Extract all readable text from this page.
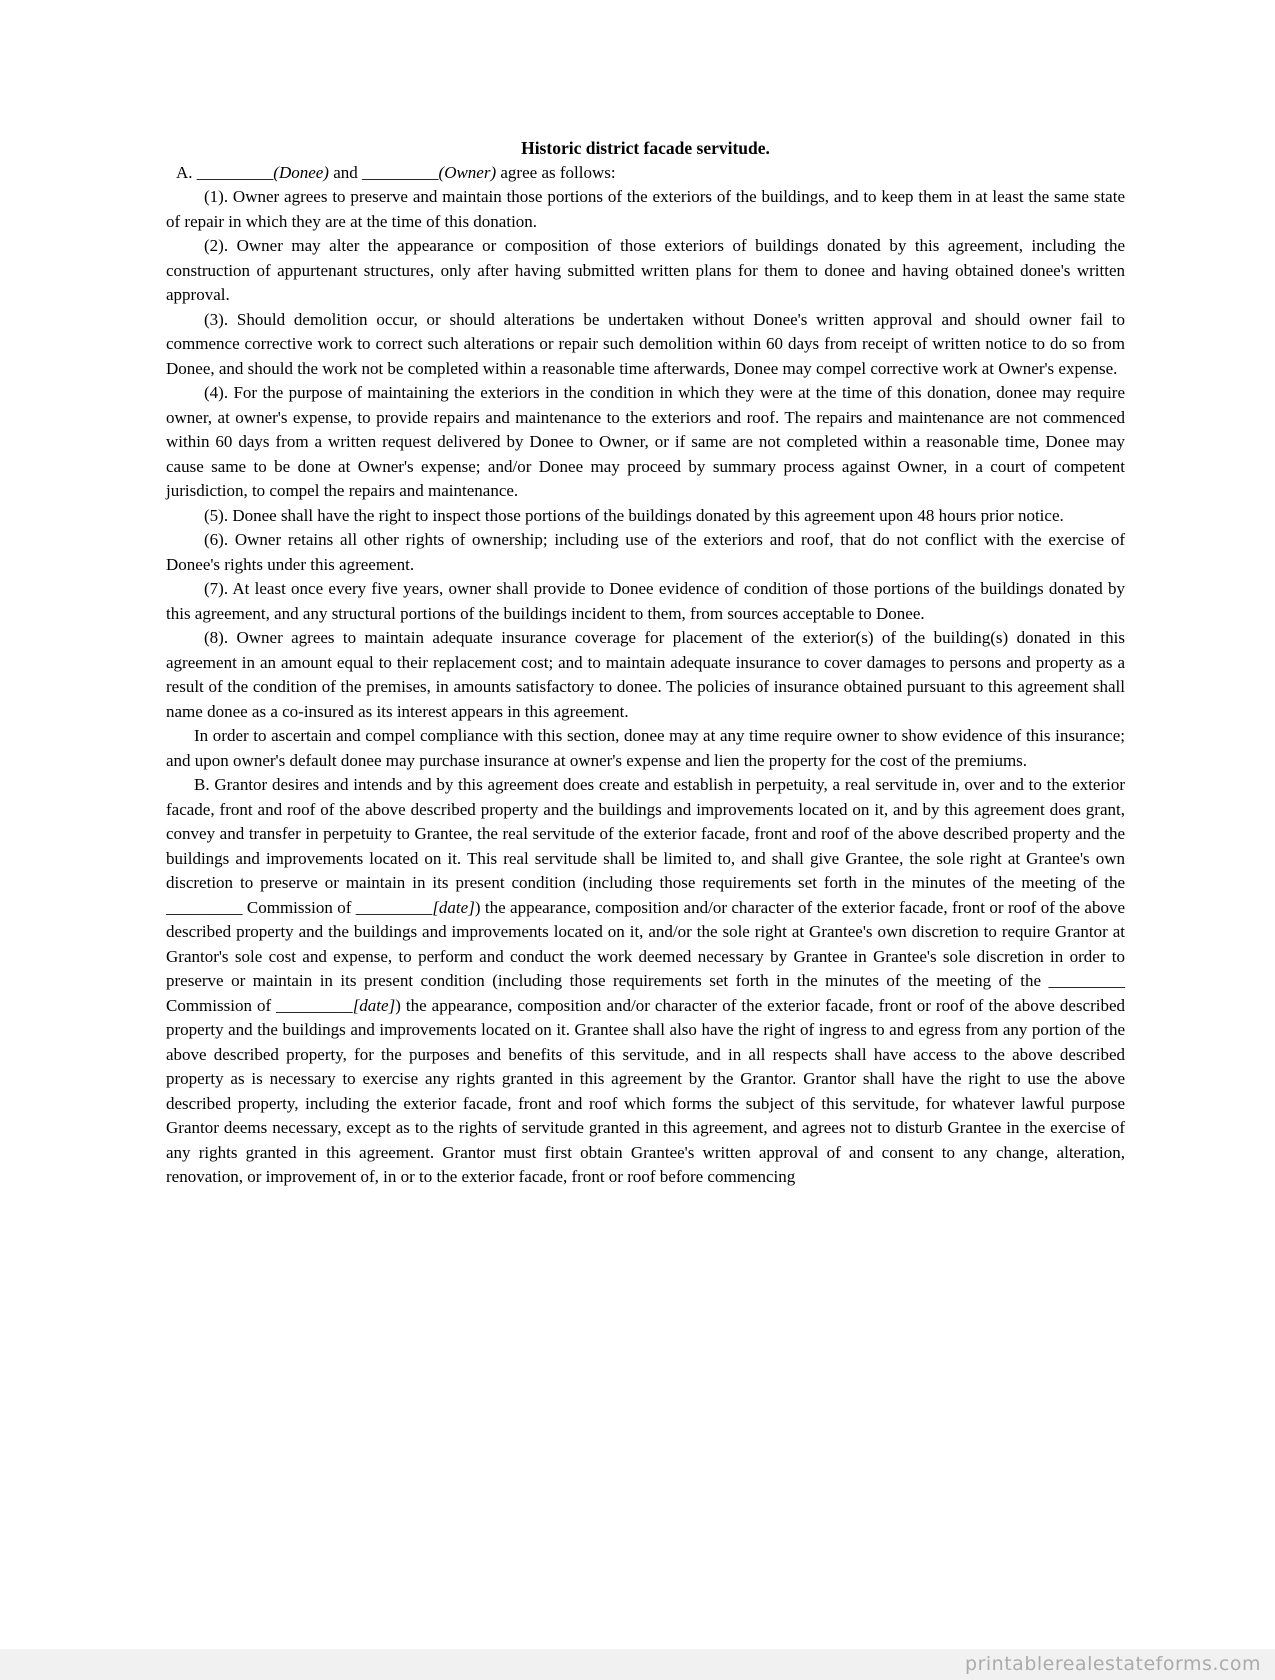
Historic district facade servitude.

A. _________(Donee) and _________(Owner) agree as follows:

(1). Owner agrees to preserve and maintain those portions of the exteriors of the buildings, and to keep them in at least the same state of repair in which they are at the time of this donation.

(2). Owner may alter the appearance or composition of those exteriors of buildings donated by this agreement, including the construction of appurtenant structures, only after having submitted written plans for them to donee and having obtained donee's written approval.

(3). Should demolition occur, or should alterations be undertaken without Donee's written approval and should owner fail to commence corrective work to correct such alterations or repair such demolition within 60 days from receipt of written notice to do so from Donee, and should the work not be completed within a reasonable time afterwards, Donee may compel corrective work at Owner's expense.

(4). For the purpose of maintaining the exteriors in the condition in which they were at the time of this donation, donee may require owner, at owner's expense, to provide repairs and maintenance to the exteriors and roof. The repairs and maintenance are not commenced within 60 days from a written request delivered by Donee to Owner, or if same are not completed within a reasonable time, Donee may cause same to be done at Owner's expense; and/or Donee may proceed by summary process against Owner, in a court of competent jurisdiction, to compel the repairs and maintenance.

(5). Donee shall have the right to inspect those portions of the buildings donated by this agreement upon 48 hours prior notice.

(6). Owner retains all other rights of ownership; including use of the exteriors and roof, that do not conflict with the exercise of Donee's rights under this agreement.

(7). At least once every five years, owner shall provide to Donee evidence of condition of those portions of the buildings donated by this agreement, and any structural portions of the buildings incident to them, from sources acceptable to Donee.

(8). Owner agrees to maintain adequate insurance coverage for placement of the exterior(s) of the building(s) donated in this agreement in an amount equal to their replacement cost; and to maintain adequate insurance to cover damages to persons and property as a result of the condition of the premises, in amounts satisfactory to donee. The policies of insurance obtained pursuant to this agreement shall name donee as a co-insured as its interest appears in this agreement.

In order to ascertain and compel compliance with this section, donee may at any time require owner to show evidence of this insurance; and upon owner's default donee may purchase insurance at owner's expense and lien the property for the cost of the premiums.

B. Grantor desires and intends and by this agreement does create and establish in perpetuity, a real servitude in, over and to the exterior facade, front and roof of the above described property and the buildings and improvements located on it, and by this agreement does grant, convey and transfer in perpetuity to Grantee, the real servitude of the exterior facade, front and roof of the above described property and the buildings and improvements located on it. This real servitude shall be limited to, and shall give Grantee, the sole right at Grantee's own discretion to preserve or maintain in its present condition (including those requirements set forth in the minutes of the meeting of the _________ Commission of _________[date]) the appearance, composition and/or character of the exterior facade, front or roof of the above described property and the buildings and improvements located on it, and/or the sole right at Grantee's own discretion to require Grantor at Grantor's sole cost and expense, to perform and conduct the work deemed necessary by Grantee in Grantee's sole discretion in order to preserve or maintain in its present condition (including those requirements set forth in the minutes of the meeting of the _________ Commission of _________[date]) the appearance, composition and/or character of the exterior facade, front or roof of the above described property and the buildings and improvements located on it. Grantee shall also have the right of ingress to and egress from any portion of the above described property, for the purposes and benefits of this servitude, and in all respects shall have access to the above described property as is necessary to exercise any rights granted in this agreement by the Grantor. Grantor shall have the right to use the above described property, including the exterior facade, front and roof which forms the subject of this servitude, for whatever lawful purpose Grantor deems necessary, except as to the rights of servitude granted in this agreement, and agrees not to disturb Grantee in the exercise of any rights granted in this agreement. Grantor must first obtain Grantee's written approval of and consent to any change, alteration, renovation, or improvement of, in or to the exterior facade, front or roof before commencing

printablerealestateforms.com
